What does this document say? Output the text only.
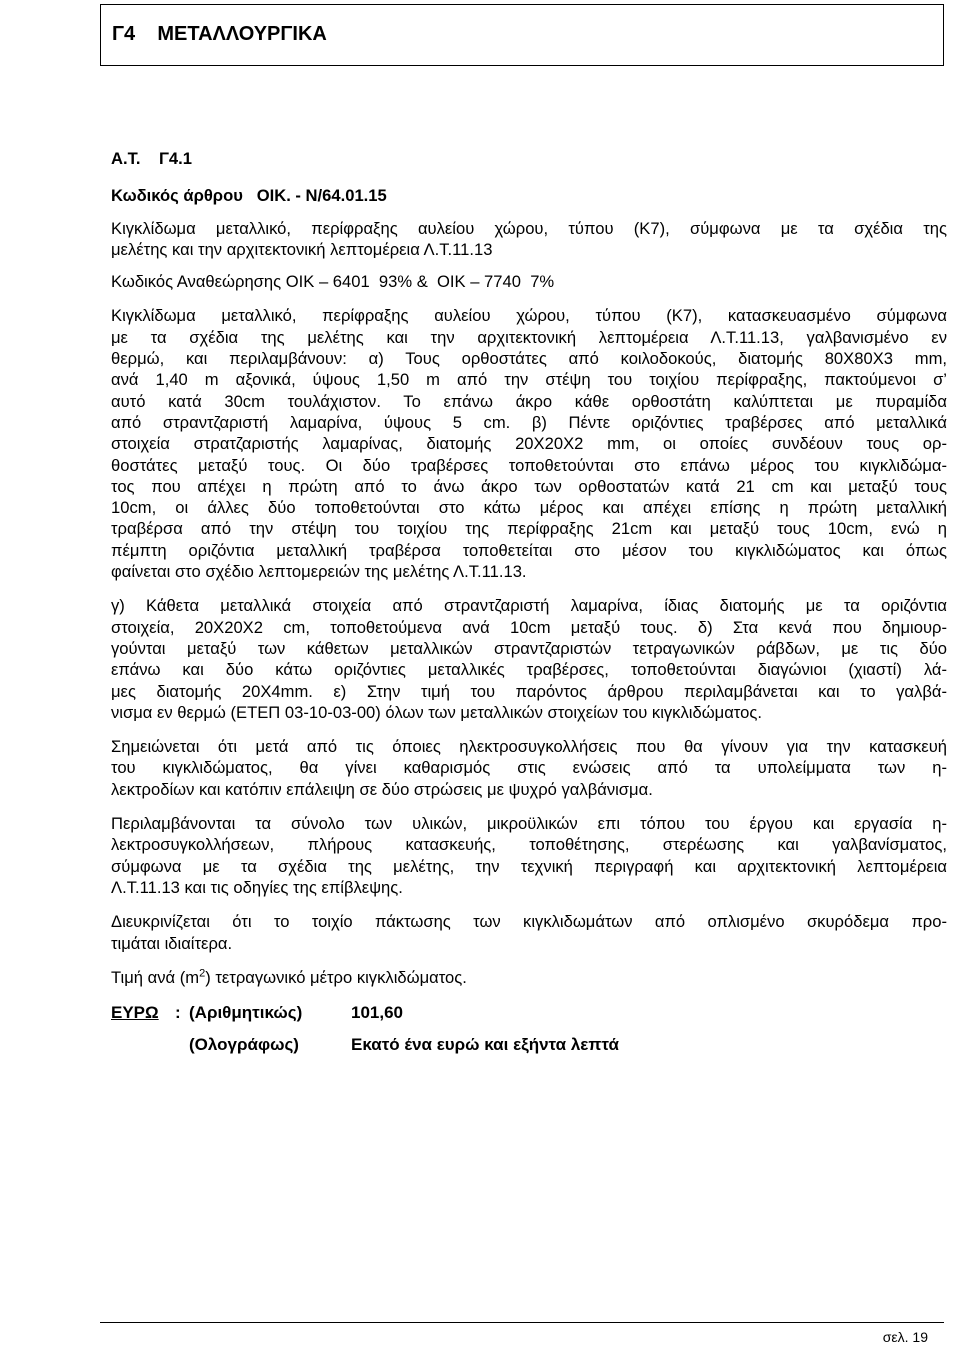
Γ4    ΜΕΤΑΛΛΟΥΡΓΙΚΑ
Α.Τ.    Γ4.1
Κωδικός άρθρου   ΟΙΚ. - Ν/64.01.15
Κιγκλίδωμα μεταλλικό, περίφραξης αυλείου χώρου, τύπου (Κ7), σύμφωνα με τα σχέδια της
μελέτης και την αρχιτεκτονική λεπτομέρεια Λ.Τ.11.13
Κωδικός Αναθεώρησης ΟΙΚ – 6401  93% &  ΟΙΚ – 7740  7%
Κιγκλίδωμα μεταλλικό, περίφραξης αυλείου χώρου, τύπου (Κ7), κατασκευασμένο σύμφωνα
με τα σχέδια της μελέτης και την αρχιτεκτονική λεπτομέρεια Λ.Τ.11.13, γαλβανισμένο εν
θερμώ, και περιλαμβάνουν: α) Τους ορθοστάτες από κοιλοδοκούς, διατομής 80Χ80Χ3 mm,
ανά 1,40 m αξονικά, ύψους 1,50 m από την στέψη του τοιχίου περίφραξης, πακτούμενοι σ’
αυτό κατά 30cm τουλάχιστον. Το επάνω άκρο κάθε ορθοστάτη καλύπτεται με πυραμίδα
από στραντζαριστή λαμαρίνα, ύψους 5 cm. β) Πέντε οριζόντιες τραβέρσες από μεταλλικά
στοιχεία στρατζαριστής λαμαρίνας, διατομής 20Χ20Χ2 mm, οι οποίες συνδέουν τους ορ-
θοστάτες μεταξύ τους. Οι δύο τραβέρσες τοποθετούνται στο επάνω μέρος του κιγκλιδώμα-
τος που απέχει η πρώτη από το άνω άκρο των ορθοστατών κατά 21 cm και μεταξύ τους
10cm, οι άλλες δύο τοποθετούνται στο κάτω μέρος και απέχει επίσης η πρώτη μεταλλική
τραβέρσα από την στέψη του τοιχίου της περίφραξης 21cm και μεταξύ τους 10cm, ενώ η
πέμπτη οριζόντια μεταλλική τραβέρσα τοποθετείται στο μέσον του κιγκλιδώματος και όπως
φαίνεται στο σχέδιο λεπτομερειών της μελέτης Λ.Τ.11.13.
γ) Κάθετα μεταλλικά στοιχεία από στραντζαριστή λαμαρίνα, ίδιας διατομής με τα οριζόντια
στοιχεία, 20Χ20Χ2 cm, τοποθετούμενα ανά 10cm μεταξύ τους. δ) Στα κενά που δημιουρ-
γούνται μεταξύ των κάθετων μεταλλικών στραντζαριστών τετραγωνικών ράβδων, με τις δύο
επάνω και δύο κάτω οριζόντιες μεταλλικές τραβέρσες, τοποθετούνται διαγώνιοι (χιαστί) λά-
μες διατομής 20Χ4mm. ε) Στην τιμή του παρόντος άρθρου περιλαμβάνεται και το γαλβά-
νισμα εν θερμώ (ΕΤΕΠ 03-10-03-00) όλων των μεταλλικών στοιχείων του κιγκλιδώματος.
Σημειώνεται ότι μετά από τις όποιες ηλεκτροσυγκολλήσεις που θα γίνουν για την κατασκευή
του κιγκλιδώματος, θα γίνει καθαρισμός στις ενώσεις από τα υπολείμματα των η-
λεκτροδίων και κατόπιν επάλειψη σε δύο στρώσεις με ψυχρό γαλβάνισμα.
Περιλαμβάνονται τα σύνολο των υλικών, μικροϋλικών επι τόπου του έργου και εργασία η-
λεκτροσυγκολλήσεων, πλήρους κατασκευής, τοποθέτησης, στερέωσης και γαλβανίσματος,
σύμφωνα με τα σχέδια της μελέτης, την τεχνική περιγραφή και αρχιτεκτονική λεπτομέρεια
Λ.Τ.11.13 και τις οδηγίες της επίβλεψης.
Διευκρινίζεται ότι το τοιχίο πάκτωσης των κιγκλιδωμάτων από οπλισμένο σκυρόδεμα προ-
τιμάται ιδιαίτερα.
Τιμή ανά $(m^2)$ τετραγωνικό μέτρο κιγκλιδώματος.
ΕΥΡΩ : (Αριθμητικώς)	101,60
(Ολογράφως)	Εκατό ένα ευρώ και εξήντα λεπτά
σελ. 19
